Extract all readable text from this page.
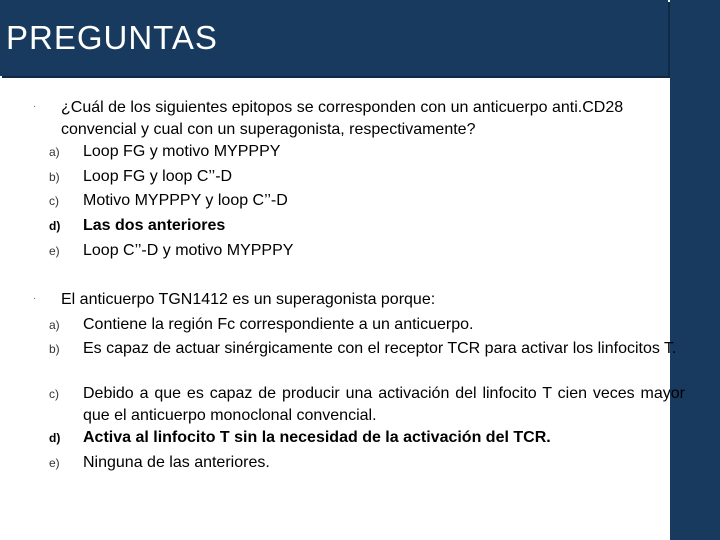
PREGUNTAS
· ¿Cuál de los siguientes epitopos se corresponden con un anticuerpo anti.CD28 convencial y cual con un superagonista, respectivamente?
a) Loop FG y motivo MYPPPY
b) Loop FG y loop C’’-D
c) Motivo MYPPPY y loop C’’-D
d) Las dos anteriores
e) Loop C’’-D y motivo MYPPPY
· El anticuerpo TGN1412 es un superagonista porque:
a) Contiene la región Fc correspondiente a un anticuerpo.
b) Es capaz de actuar sinérgicamente con el receptor TCR para activar los linfocitos T.
c) Debido a que es capaz de producir una activación del linfocito T cien veces mayor que el anticuerpo monoclonal convencial.
d) Activa al linfocito T sin la necesidad de la activación del TCR.
e) Ninguna de las anteriores.
